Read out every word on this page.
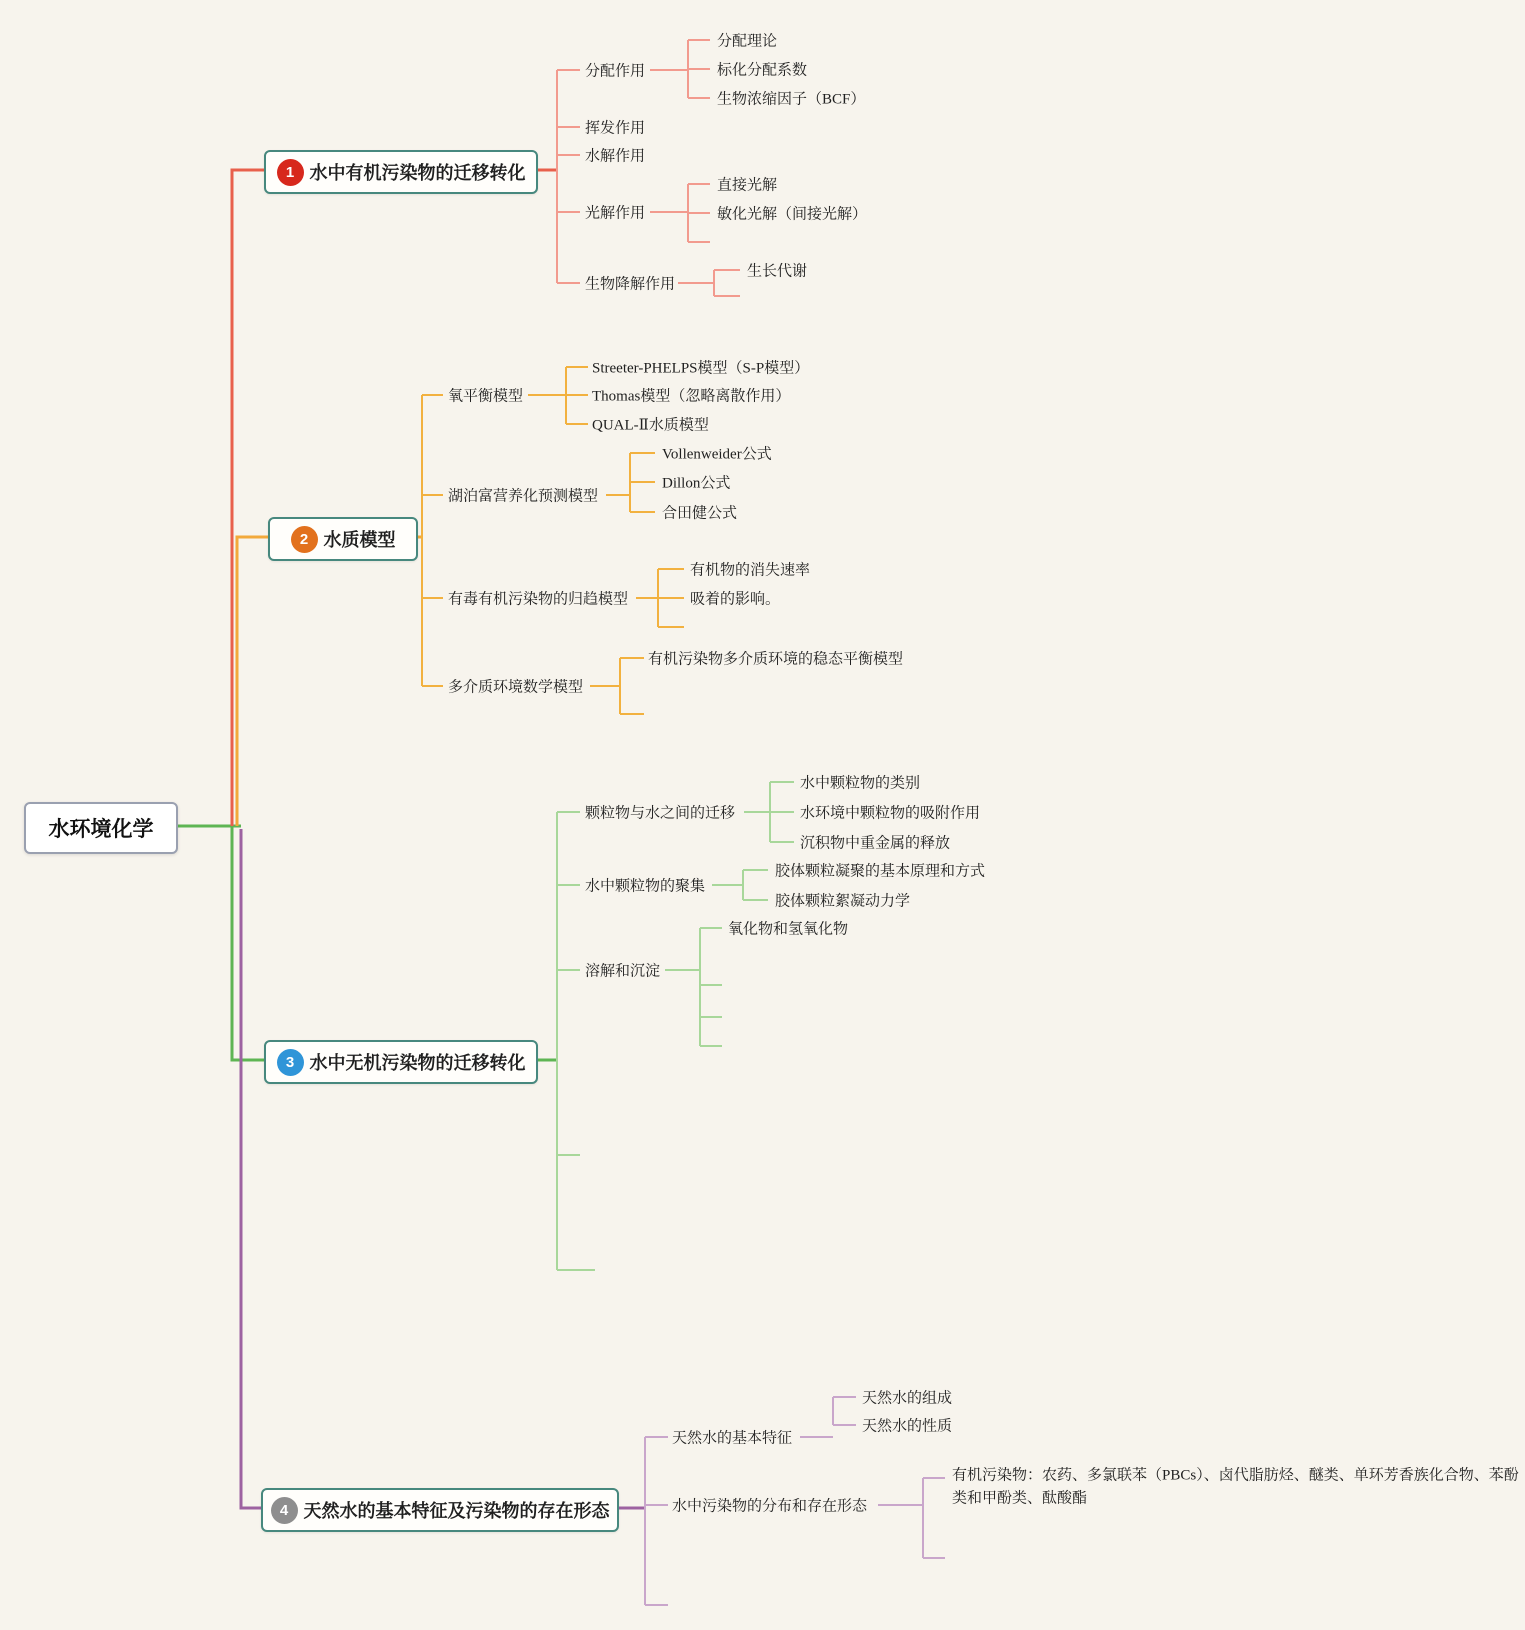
水环境化学
1 水中有机污染物的迁移转化
2 水质模型
3 水中无机污染物的迁移转化
4 天然水的基本特征及污染物的存在形态
分配作用
挥发作用
水解作用
光解作用
生物降解作用
分配理论
标化分配系数
生物浓缩因子（BCF）
直接光解
敏化光解（间接光解）
生长代谢
氧平衡模型
湖泊富营养化预测模型
有毒有机污染物的归趋模型
多介质环境数学模型
Streeter-PHELPS模型（S-P模型）
Thomas模型（忽略离散作用）
QUAL-Ⅱ水质模型
Vollenweider公式
Dillon公式
合田健公式
有机物的消失速率
吸着的影响。
有机污染物多介质环境的稳态平衡模型
颗粒物与水之间的迁移
水中颗粒物的聚集
溶解和沉淀
水中颗粒物的类别
水环境中颗粒物的吸附作用
沉积物中重金属的释放
胶体颗粒凝聚的基本原理和方式
胶体颗粒絮凝动力学
氧化物和氢氧化物
天然水的基本特征
水中污染物的分布和存在形态
天然水的组成
天然水的性质
有机污染物：农药、多氯联苯（PBCs）、卤代脂肪烃、醚类、单环芳香族化合物、苯酚类和甲酚类、酞酸酯
